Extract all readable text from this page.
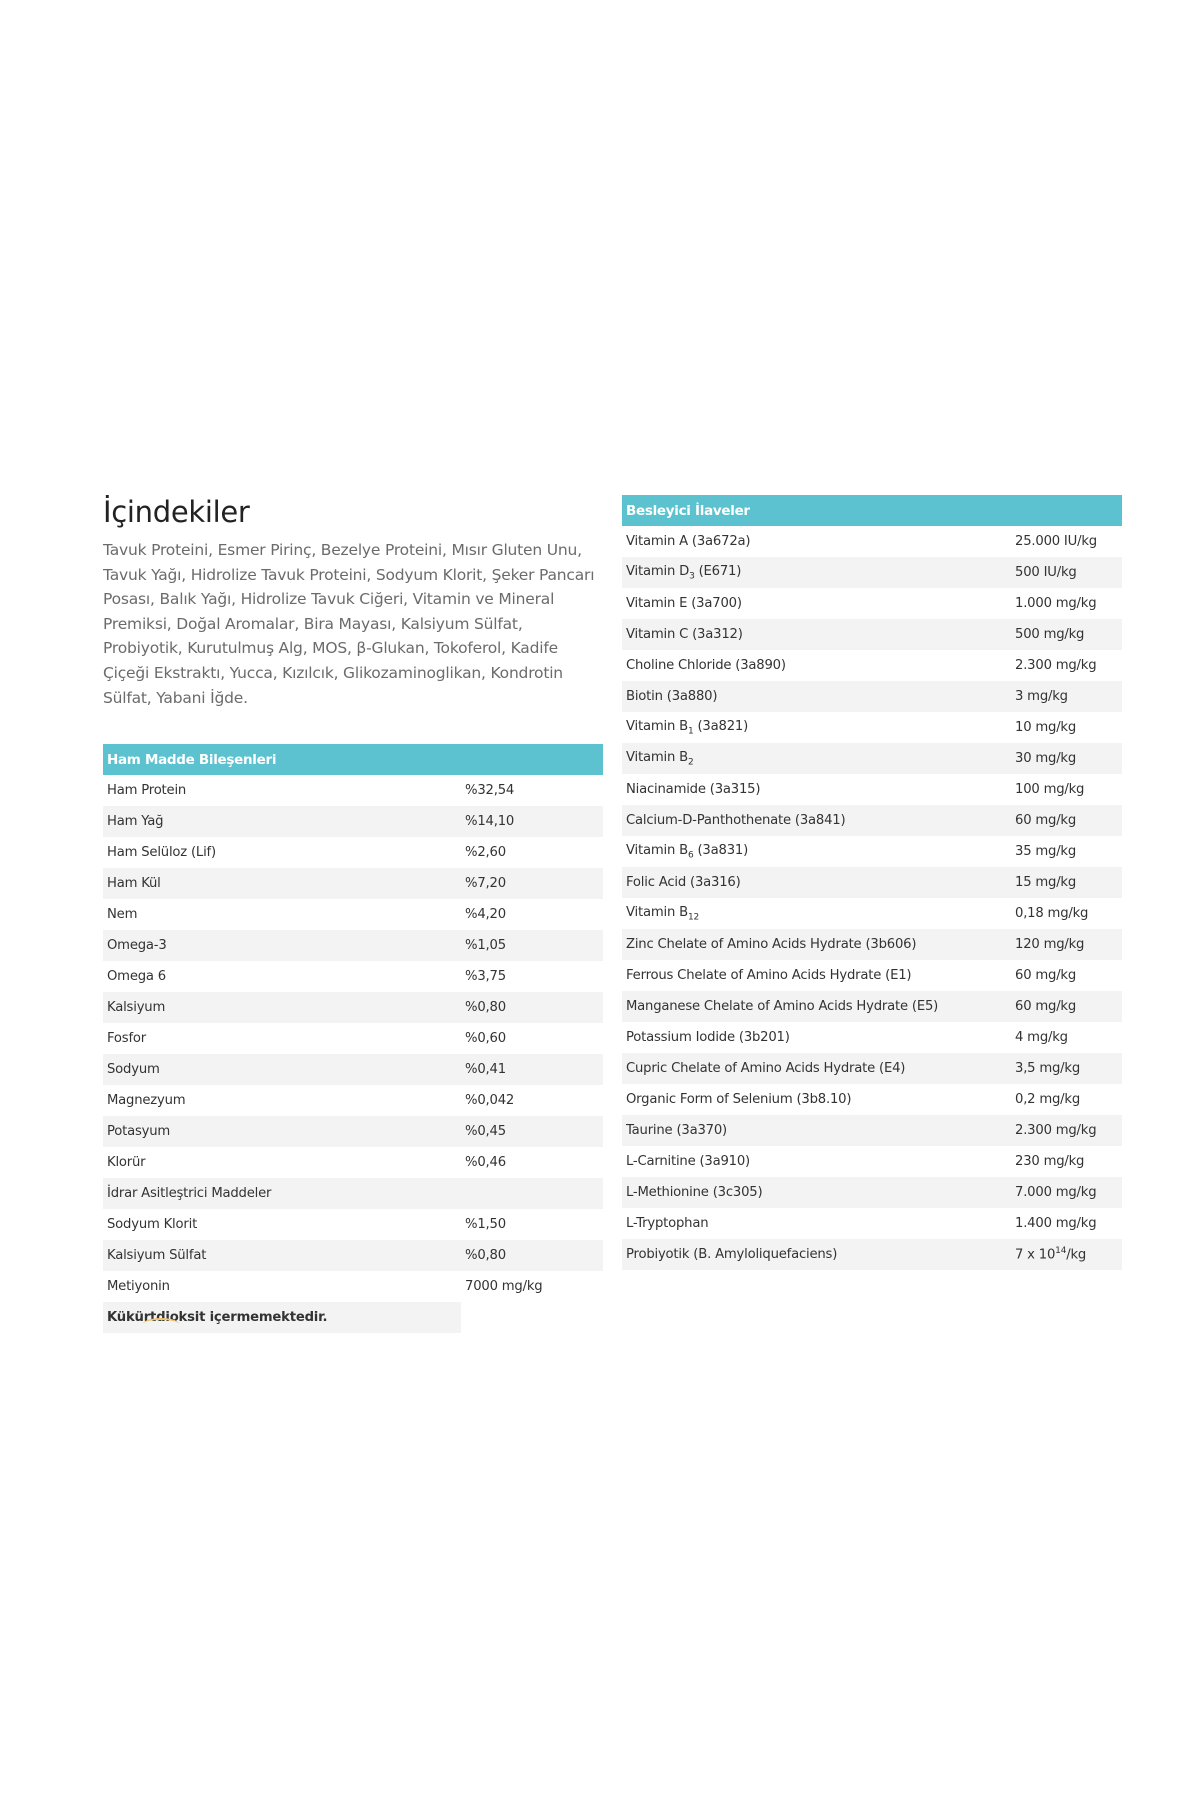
İçindekiler

Tavuk Proteini, Esmer Pirinç, Bezelye Proteini, Mısır Gluten Unu, Tavuk Yağı, Hidrolize Tavuk Proteini, Sodyum Klorit, Şeker Pancarı Posası, Balık Yağı, Hidrolize Tavuk Ciğeri, Vitamin ve Mineral Premiksi, Doğal Aromalar, Bira Mayası, Kalsiyum Sülfat, Probiyotik, Kurutulmuş Alg, MOS, β-Glukan, Tokoferol, Kadife Çiçeği Ekstraktı, Yucca, Kızılcık, Glikozaminoglikan, Kondrotin Sülfat, Yabani İğde.

Ham Madde Bileşenleri	
Ham Protein	%32,54
Ham Yağ	%14,10
Ham Selüloz (Lif)	%2,60
Ham Kül	%7,20
Nem	%4,20
Omega-3	%1,05
Omega 6	%3,75
Kalsiyum	%0,80
Fosfor	%0,60
Sodyum	%0,41
Magnezyum	%0,042
Potasyum	%0,45
Klorür	%0,46
İdrar Asitleştrici Maddeler	
Sodyum Klorit	%1,50
Kalsiyum Sülfat	%0,80
Metiyonin	7000 mg/kg
Kükürtdioksit içermemektedir.	
Besleyici İlaveler	
Vitamin A (3a672a)	25.000 IU/kg
Vitamin $D_3$ (E671)	500 IU/kg
Vitamin E (3a700)	1.000 mg/kg
Vitamin C (3a312)	500 mg/kg
Choline Chloride (3a890)	2.300 mg/kg
Biotin (3a880)	3 mg/kg
Vitamin $B_1$ (3a821)	10 mg/kg
Vitamin $B_2$	30 mg/kg
Niacinamide (3a315)	100 mg/kg
Calcium-D-Panthothenate (3a841)	60 mg/kg
Vitamin $B_6$ (3a831)	35 mg/kg
Folic Acid (3a316)	15 mg/kg
Vitamin $B_{12}$	0,18 mg/kg
Zinc Chelate of Amino Acids Hydrate (3b606)	120 mg/kg
Ferrous Chelate of Amino Acids Hydrate (E1)	60 mg/kg
Manganese Chelate of Amino Acids Hydrate (E5)	60 mg/kg
Potassium Iodide (3b201)	4 mg/kg
Cupric Chelate of Amino Acids Hydrate (E4)	3,5 mg/kg
Organic Form of Selenium (3b8.10)	0,2 mg/kg
Taurine (3a370)	2.300 mg/kg
L-Carnitine (3a910)	230 mg/kg
L-Methionine (3c305)	7.000 mg/kg
L-Tryptophan	1.400 mg/kg
Probiyotik (B. Amyloliquefaciens)	7 x $10^{14}/kg$
